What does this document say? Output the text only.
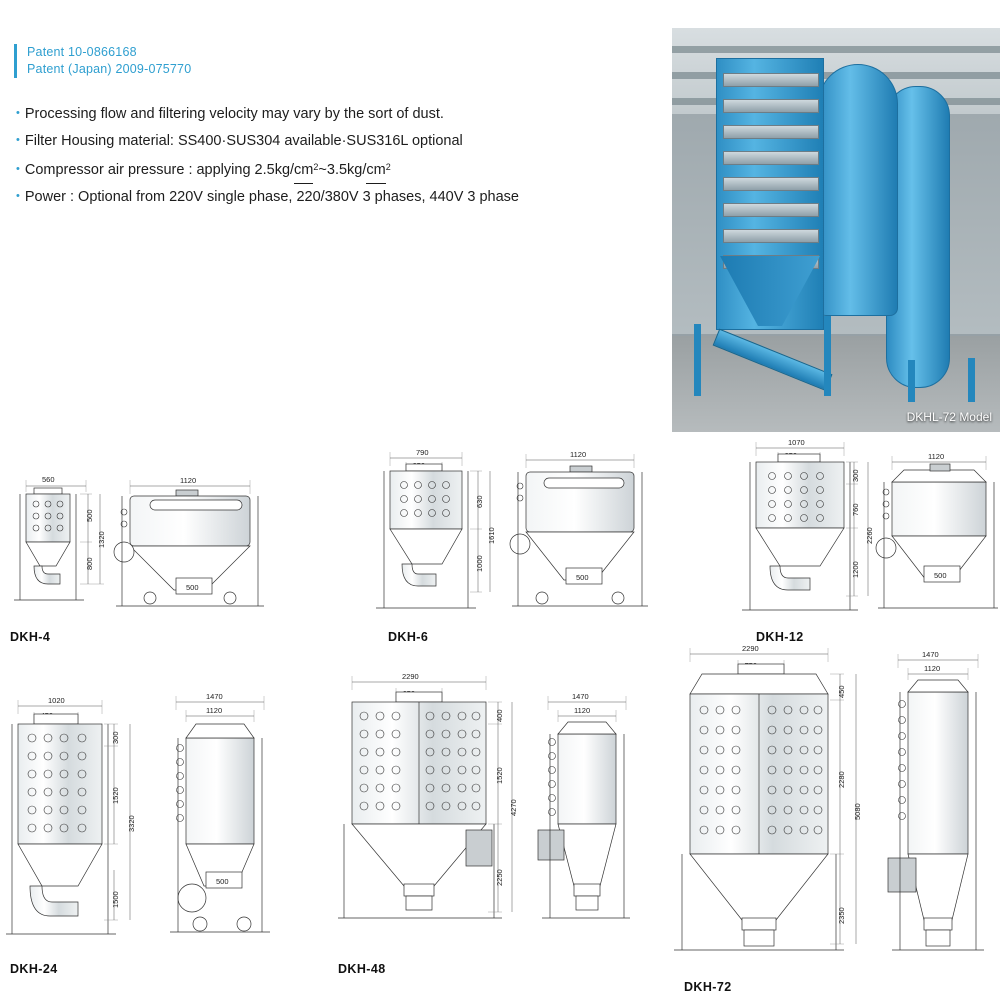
Patent 10-0866168
Patent (Japan) 2009-075770
• Processing flow and filtering velocity may vary by the sort of dust.
• Filter Housing material: SS400·SUS304 available·SUS316L optional
• Compressor air pressure : applying $2.5kg/cm^2\sim 3.5kg/cm^2$
• Power : Optional from 220V single phase, 220/380V 3 phases, 440V 3 phase
DKHL-72 Model
560
500
800
1320
1120
500
DKH-4
790
630
1000
1610
1120
500
DKH-6
1070
300
760
1200
2260
1120
500
DKH-12
1020
300
1520
1500
3320
1470
1120
500
DKH-24
2290
400
1520
2250
4270
1470
1120
DKH-48
2290
450
2280
2350
5080
1470
1120
DKH-72
